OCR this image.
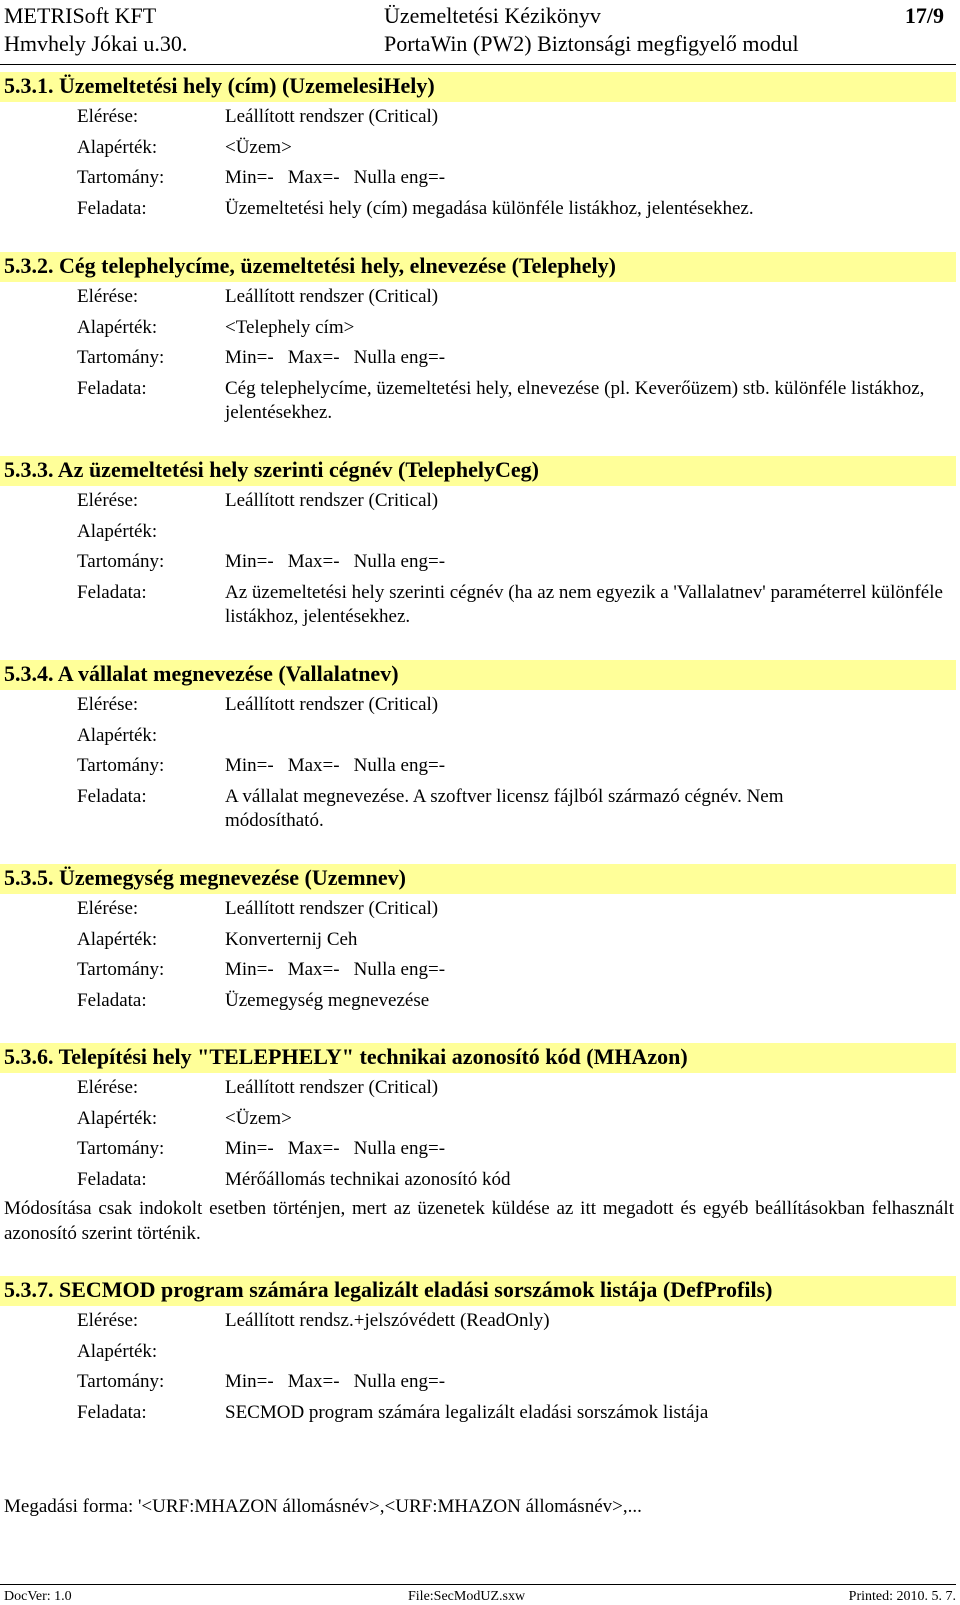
METRISoft KFT	Üzemeltetési Kézikönyv	17/9
Hmvhely Jókai u.30.	PortaWin (PW2) Biztonsági megfigyelő modul
5.3.1. Üzemeltetési hely (cím) (UzemelesiHely)
Elérése:	Leállított rendszer (Critical)
Alapérték:	<Üzem>
Tartomány:	Min=- Max=- Nulla eng=-
Feladata:	Üzemeltetési hely (cím) megadása különféle listákhoz, jelentésekhez.
5.3.2. Cég telephelycíme, üzemeltetési hely, elnevezése (Telephely)
Elérése:	Leállított rendszer (Critical)
Alapérték:	<Telephely cím>
Tartomány:	Min=- Max=- Nulla eng=-
Feladata:	Cég telephelycíme, üzemeltetési hely, elnevezése (pl. Keverőüzem) stb. különféle listákhoz, jelentésekhez.
5.3.3. Az üzemeltetési hely szerinti cégnév (TelephelyCeg)
Elérése:	Leállított rendszer (Critical)
Alapérték:
Tartomány:	Min=- Max=- Nulla eng=-
Feladata:	Az üzemeltetési hely szerinti cégnév (ha az nem egyezik a 'Vallalatnev' paraméterrel különféle listákhoz, jelentésekhez.
5.3.4. A vállalat megnevezése (Vallalatnev)
Elérése:	Leállított rendszer (Critical)
Alapérték:
Tartomány:	Min=- Max=- Nulla eng=-
Feladata:	A vállalat megnevezése. A szoftver licensz fájlból származó cégnév. Nem módosítható.
5.3.5. Üzemegység megnevezése (Uzemnev)
Elérése:	Leállított rendszer (Critical)
Alapérték:	Konverternij Ceh
Tartomány:	Min=- Max=- Nulla eng=-
Feladata:	Üzemegység megnevezése
5.3.6. Telepítési hely "TELEPHELY" technikai azonosító kód (MHAzon)
Elérése:	Leállított rendszer (Critical)
Alapérték:	<Üzem>
Tartomány:	Min=- Max=- Nulla eng=-
Feladata:	Mérőállomás technikai azonosító kód
Módosítása csak indokolt esetben történjen, mert az üzenetek küldése az itt megadott és egyéb beállításokban felhasznált azonosító szerint történik.
5.3.7. SECMOD program számára legalizált eladási sorszámok listája (DefProfils)
Elérése:	Leállított rendsz.+jelszóvédett (ReadOnly)
Alapérték:
Tartomány:	Min=- Max=- Nulla eng=-
Feladata:	SECMOD program számára legalizált eladási sorszámok listája
Megadási forma: '<URF:MHAZON állomásnév>,<URF:MHAZON állomásnév>,...
DocVer: 1.0	File:SecModUZ.sxw	Printed: 2010. 5. 7.
